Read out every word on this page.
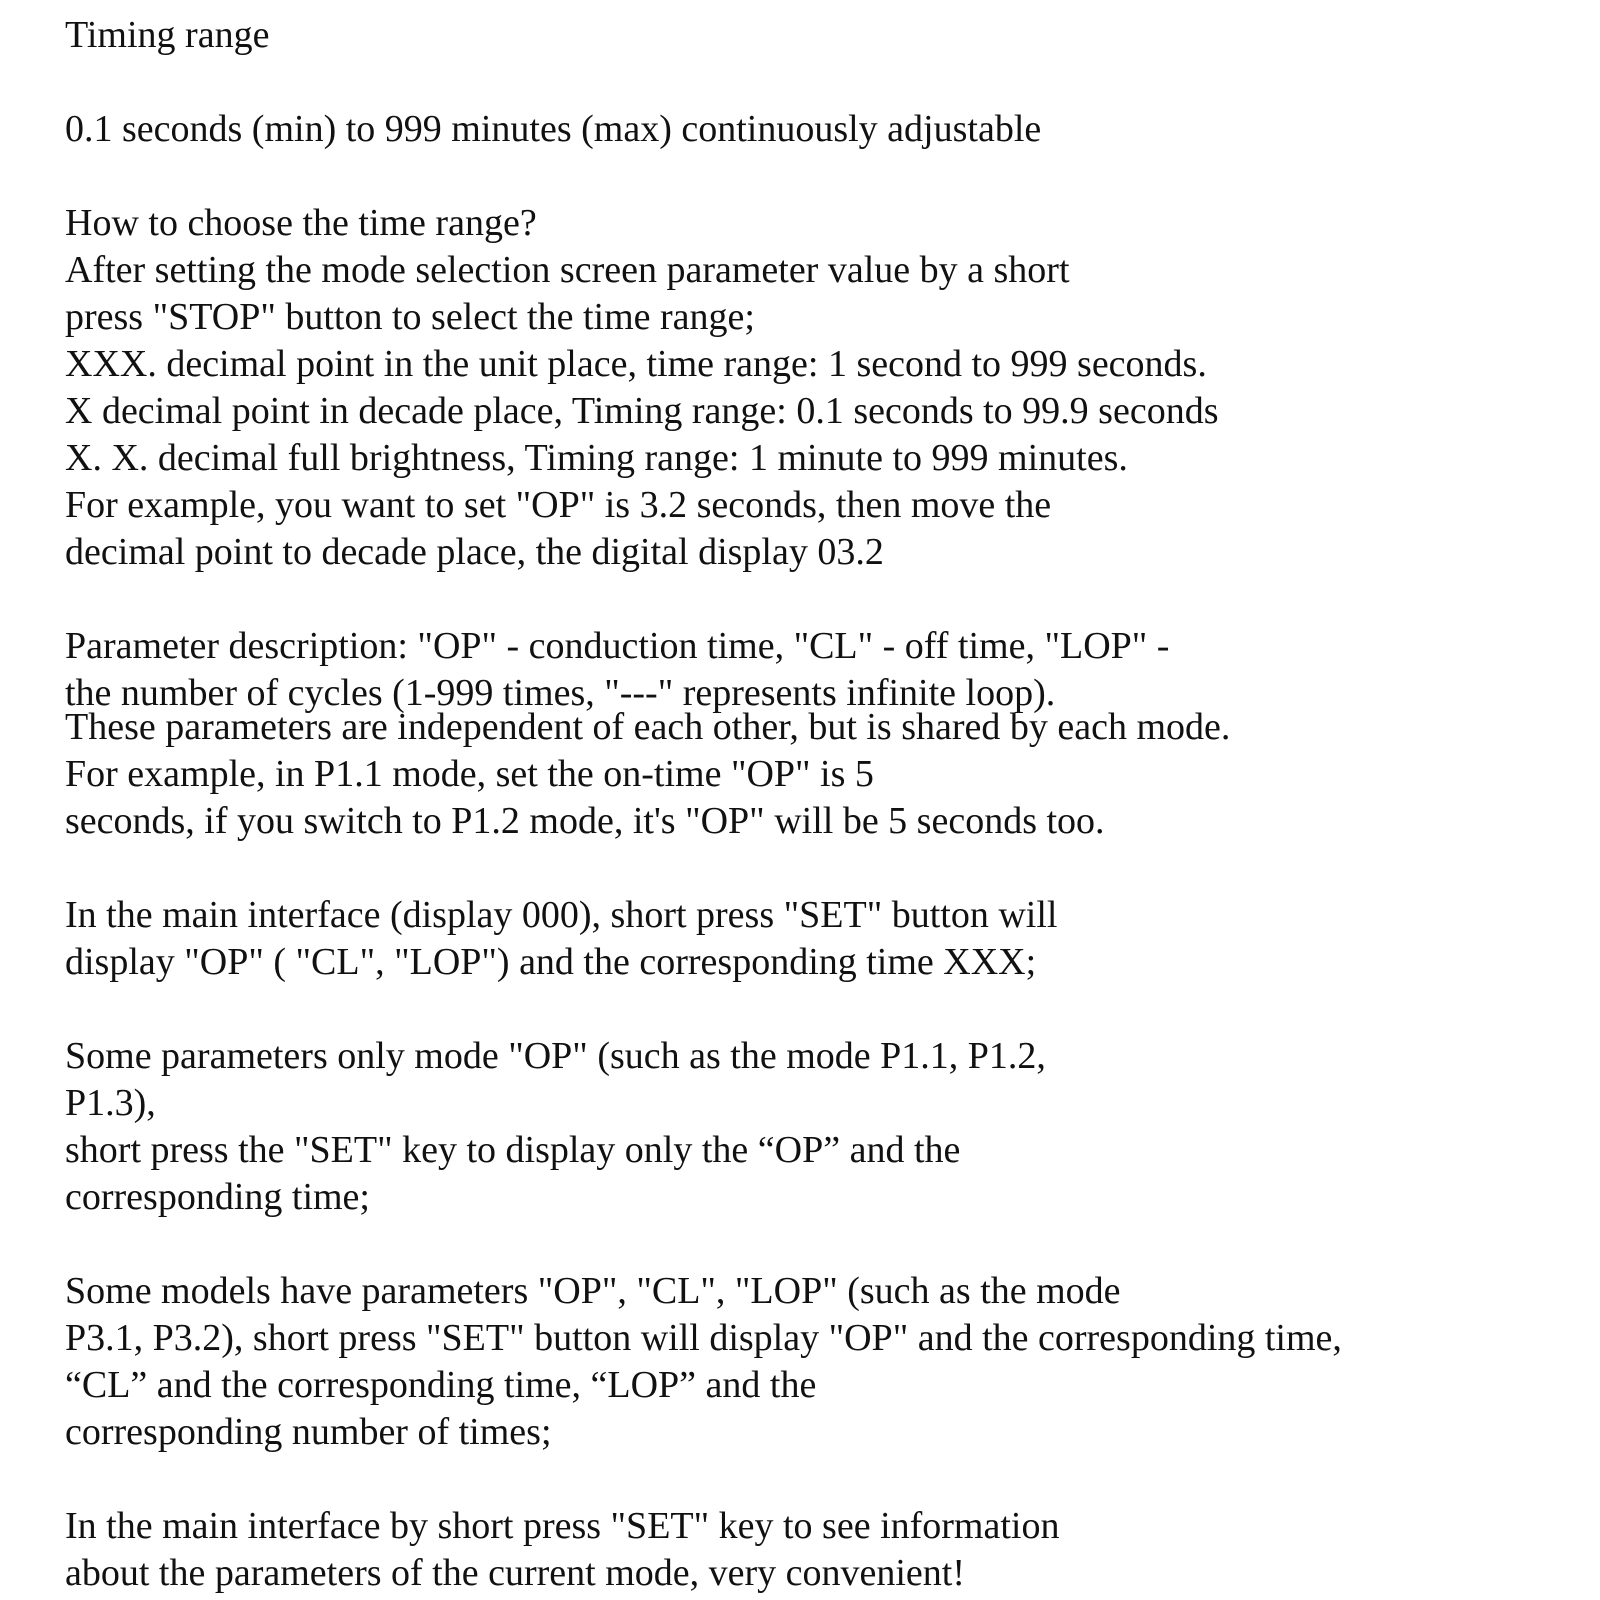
Timing range
0.1 seconds (min) to 999 minutes (max) continuously adjustable
How to choose the time range?
After setting the mode selection screen parameter value by a short
press "STOP" button to select the time range;
XXX. decimal point in the unit place, time range: 1 second to 999 seconds.
X decimal point in decade place, Timing range: 0.1 seconds to 99.9 seconds
X. X. decimal full brightness, Timing range: 1 minute to 999 minutes.
For example, you want to set "OP" is 3.2 seconds, then move the
decimal point to decade place, the digital display 03.2
Parameter description: "OP" - conduction time, "CL" - off time, "LOP" -
the number of cycles (1-999 times, "---" represents infinite loop).
These parameters are independent of each other, but is shared by each mode.
For example, in P1.1 mode, set the on-time "OP" is 5
seconds, if you switch to P1.2 mode, it's "OP" will be 5 seconds too.
In the main interface (display 000), short press "SET" button will
display "OP" ( "CL", "LOP") and the corresponding time XXX;
Some parameters only mode "OP" (such as the mode P1.1, P1.2,
P1.3),
short press the "SET" key to display only the “OP” and the
corresponding time;
Some models have parameters "OP", "CL", "LOP" (such as the mode
P3.1, P3.2), short press "SET" button will display "OP" and the corresponding time,
“CL” and the corresponding time, “LOP” and the
corresponding number of times;
In the main interface by short press "SET" key to see information
about the parameters of the current mode, very convenient!
